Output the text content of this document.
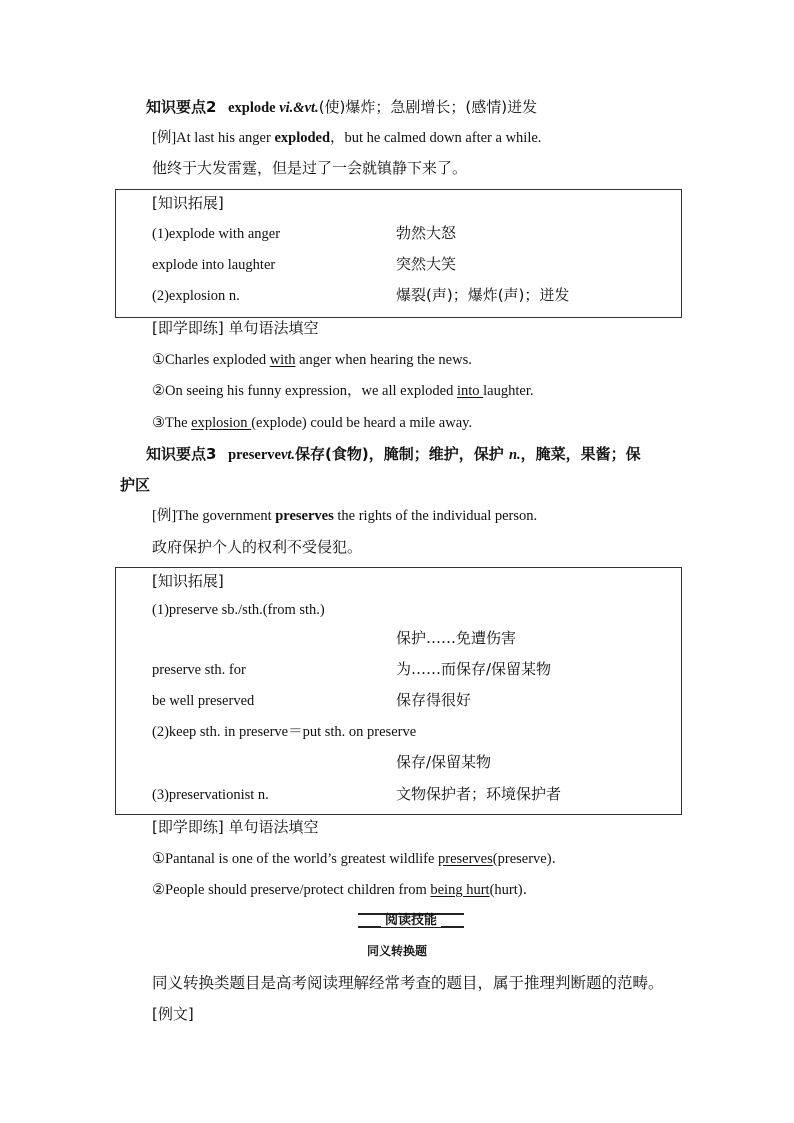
知识要点2 explode vi.&vt.(使)爆炸；急剧增长；(感情)迸发
[例]At last his anger exploded，but he calmed down after a while.
他终于大发雷霆，但是过了一会就镇静下来了。
[知识拓展]
(1)explode with anger	勃然大怒
explode into laughter	突然大笑
(2)explosion n.	爆裂(声)；爆炸(声)；迸发
[即学即练] 单句语法填空
①Charles exploded with anger when hearing the news.
②On seeing his funny expression，we all exploded into laughter.
③The explosion (explode) could be heard a mile away.
知识要点3 preservevt.保存(食物)，腌制；维护，保护 n.，腌菜，果酱；保
护区
[例]The government preserves the rights of the individual person.
政府保护个人的权利不受侵犯。
[知识拓展]
(1)preserve sb./sth.(from sth.)
保护……免遭伤害
preserve sth. for	为……而保存/保留某物
be well preserved	保存得很好
(2)keep sth. in preserve＝put sth. on preserve
保存/保留某物
(3)preservationist n.	文物保护者；环境保护者
[即学即练] 单句语法填空
①Pantanal is one of the world’s greatest wildlife preserves(preserve)．
②People should preserve/protect children from being hurt(hurt)．
阅读技能
同义转换题
同义转换类题目是高考阅读理解经常考查的题目，属于推理判断题的范畴。
[例文]
